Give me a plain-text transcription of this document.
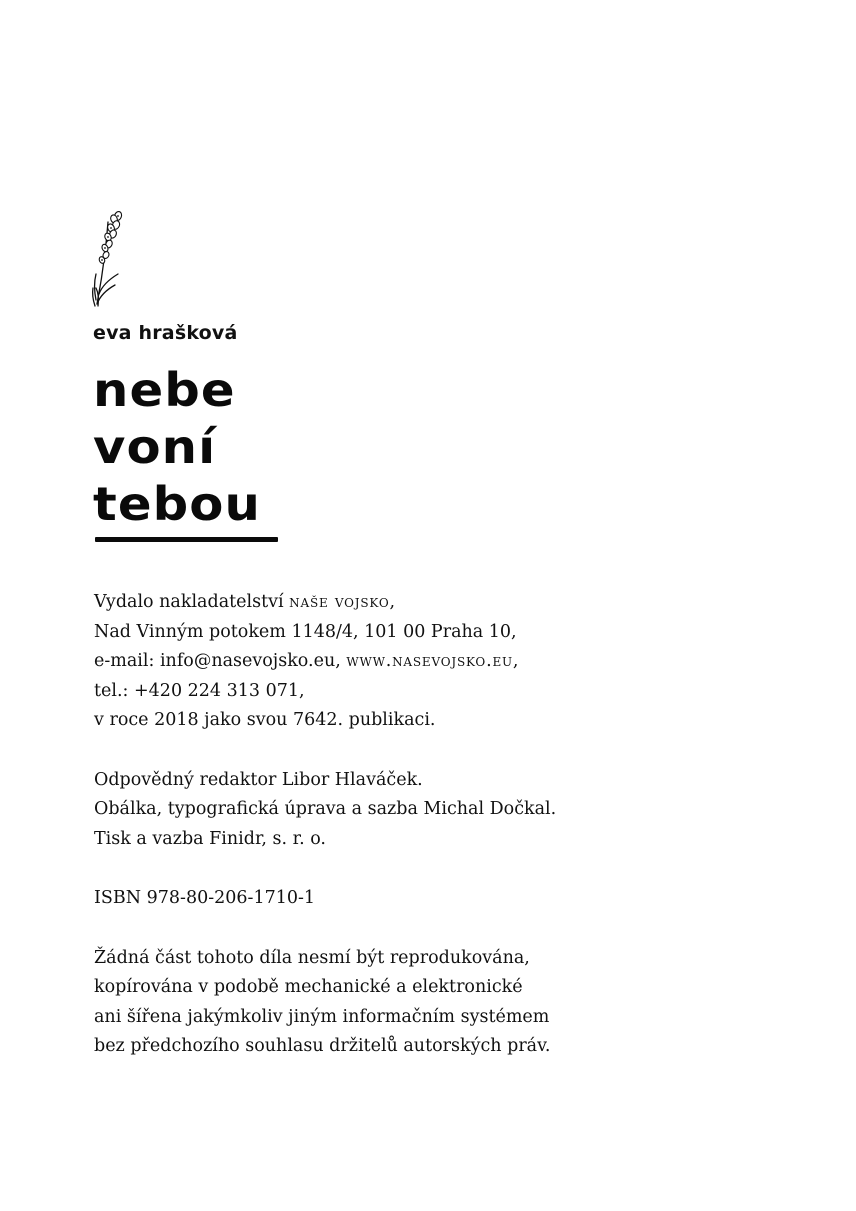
eva hrašková
nebe
voní
tebou
Vydalo nakladatelství naše vojsko,
Nad Vinným potokem 1148/4, 101 00 Praha 10,
e-mail: info@nasevojsko.eu, www.nasevojsko.eu,
tel.: +420 224 313 071,
v roce 2018 jako svou 7642. publikaci.
Odpovědný redaktor Libor Hlaváček.
Obálka, typografická úprava a sazba Michal Dočkal.
Tisk a vazba Finidr, s. r. o.
ISBN 978-80-206-1710-1
Žádná část tohoto díla nesmí být reprodukována,
kopírována v podobě mechanické a elektronické
ani šířena jakýmkoliv jiným informačním systémem
bez předchozího souhlasu držitelů autorských práv.
